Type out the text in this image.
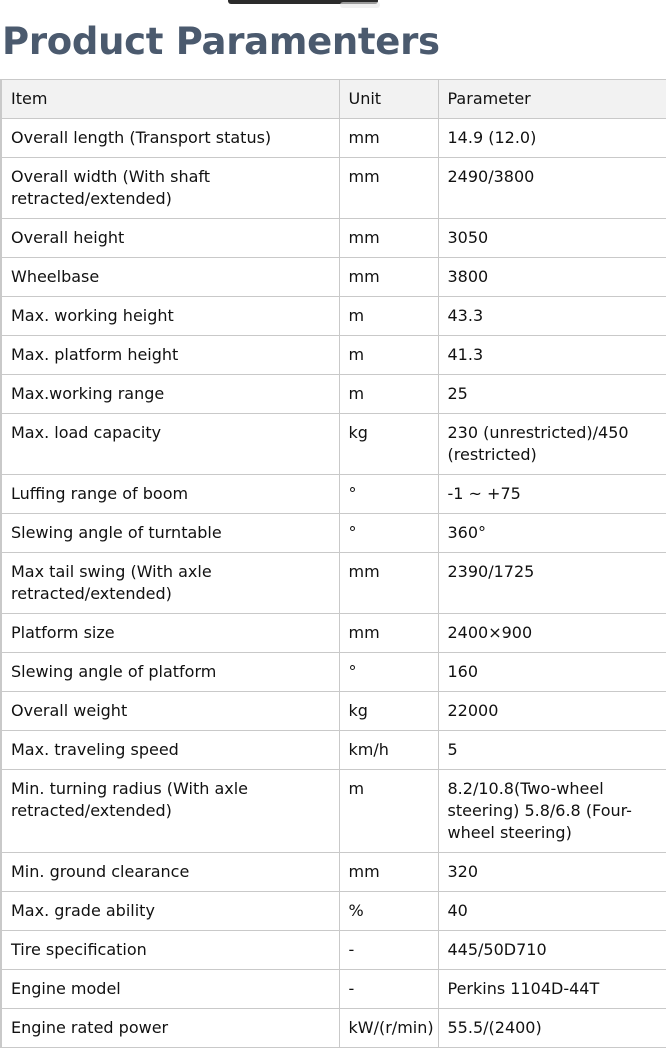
Product Paramenters
Item	Unit	Parameter
Overall length (Transport status)	mm	14.9 (12.0)
Overall width (With shaft retracted/extended)	mm	2490/3800
Overall height	mm	3050
Wheelbase	mm	3800
Max. working height	m	43.3
Max. platform height	m	41.3
Max.working range	m	25
Max. load capacity	kg	230 (unrestricted)/450 (restricted)
Luffing range of boom	°	-1 ~ +75
Slewing angle of turntable	°	360°
Max tail swing (With axle retracted/extended)	mm	2390/1725
Platform size	mm	2400×900
Slewing angle of platform	°	160
Overall weight	kg	22000
Max. traveling speed	km/h	5
Min. turning radius (With axle retracted/extended)	m	8.2/10.8(Two-wheel steering) 5.8/6.8 (Four-wheel steering)
Min. ground clearance	mm	320
Max. grade ability	%	40
Tire specification	-	445/50D710
Engine model	-	Perkins 1104D-44T
Engine rated power	kW/(r/min)	55.5/(2400)
